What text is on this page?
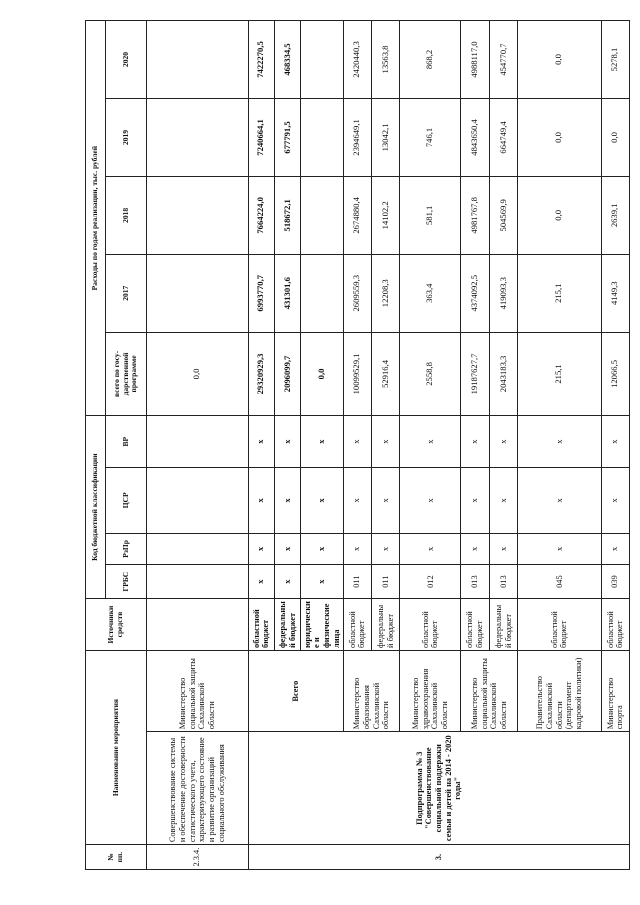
№ пп.	Наименование мероприятия		Источники средств	Код бюджетной классификации				Расходы по годам реализации, тыс. рублей				
				ГРБС	РзПр	ЦСР	ВР	всего по госу-дарственной программе	2017	2018	2019	2020
2.3.4.	Совершенствование системы и обеспечение достоверности статистического учета, характеризующего состояние и развитие организаций социального обслуживания	Министерство социальной защиты Сахалинской области						0,0				
3.	Подпрограмма № 3 "Совершенствование социальной поддержки семьи и детей на 2014 - 2020 годы"	Всего	областной бюджет	x	x	x	x	29320929,3	6993770,7	7664224,0	7240664,1	7422270,5
			федеральный бюджет	x	x	x	x	2096099,7	431301,6	518672,1	677791,5	468334,5
			юридические и физические лица	x	x	x	x	0,0				
		Министерство образования Сахалинской области	областной бюджет	011	x	x	x	10099529,1	2609559,3	2674880,4	2394649,1	2420440,3
			федеральный бюджет	011	x	x	x	52916,4	12208,3	14102,2	13042,1	13563,8
		Министерство здравоохранения Сахалинской области	областной бюджет	012	x	x	x	2558,8	363,4	581,1	746,1	868,2
		Министерство социальной защиты Сахалинской области	областной бюджет	013	x	x	x	19187627,7	4374092,5	4981767,8	4843650,4	4988117,0
			федеральный бюджет	013	x	x	x	2043183,3	419093,3	504569,9	664749,4	454770,7
		Правительство Сахалинской области (департамент кадровой политики)	областной бюджет	045	x	x	x	215,1	215,1	0,0	0,0	0,0
		Министерство спорта	областной бюджет	039	x	x	x	12066,5	4149,3	2639,1	0,0	5278,1
